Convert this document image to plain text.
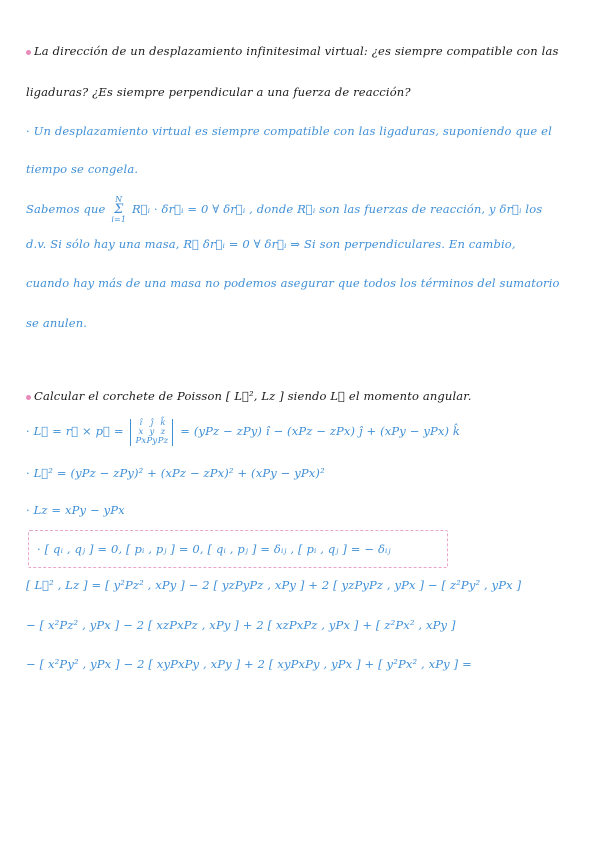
La dirección de un desplazamiento infinitesimal virtual: ¿es siempre compatible con las
ligaduras? ¿Es siempre perpendicular a una fuerza de reacción?
· Un desplazamiento virtual es siempre compatible con las ligaduras, suponiendo que el
tiempo se congela.
Sabemos que N
Σ
i=1 R⃗ᵢ · δr⃗ᵢ = 0 ∀ δr⃗ᵢ , donde R⃗ᵢ son las fuerzas de reacción, y δr⃗ᵢ los
d.v. Si sólo hay una masa, R⃗ δr⃗ᵢ = 0 ∀ δr⃗ᵢ ⇒ Si son perpendiculares. En cambio,
cuando hay más de una masa no podemos asegurar que todos los términos del sumatorio
se anulen.
Calcular el corchete de Poisson [ L⃗², Lz ] siendo L⃗ el momento angular.
· L⃗ = r⃗ × p⃗ =
î ĵ k̂
x y z
PxPyPz
= (yPz − zPy) î − (xPz − zPx) ĵ + (xPy − yPx) k̂
· L⃗² = (yPz − zPy)² + (xPz − zPx)² + (xPy − yPx)²
· Lz = xPy − yPx
· [ qᵢ , qⱼ ] = 0, [ pᵢ , pⱼ ] = 0, [ qᵢ , pⱼ ] = δᵢⱼ , [ pᵢ , qⱼ ] = − δᵢⱼ
[ L⃗² , Lz ] = [ y²Pz² , xPy ] − 2 [ yzPyPz , xPy ] + 2 [ yzPyPz , yPx ] − [ z²Py² , yPx ]
− [ x²Pz² , yPx ] − 2 [ xzPxPz , xPy ] + 2 [ xzPxPz , yPx ] + [ z²Px² , xPy ]
− [ x²Py² , yPx ] − 2 [ xyPxPy , xPy ] + 2 [ xyPxPy , yPx ] + [ y²Px² , xPy ] =
